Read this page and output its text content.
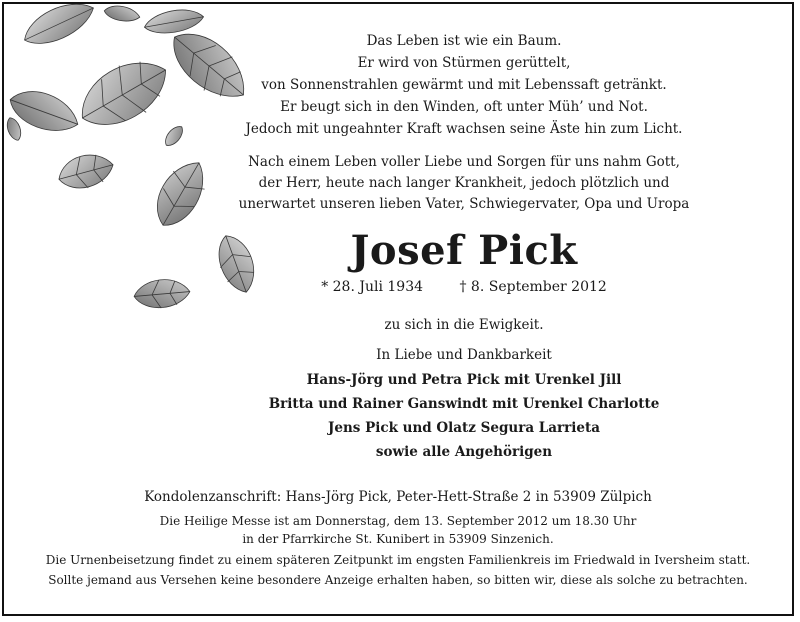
Das Leben ist wie ein Baum.
Er wird von Stürmen gerüttelt,
von Sonnenstrahlen gewärmt und mit Lebenssaft getränkt.
Er beugt sich in den Winden, oft unter Müh’ und Not.
Jedoch mit ungeahnter Kraft wachsen seine Äste hin zum Licht.
Nach einem Leben voller Liebe und Sorgen für uns nahm Gott,
der Herr, heute nach langer Krankheit, jedoch plötzlich und
unerwartet unseren lieben Vater, Schwiegervater, Opa und Uropa
Josef Pick
* 28. Juli 1934	† 8. September 2012
zu sich in die Ewigkeit.
In Liebe und Dankbarkeit
Hans-Jörg und Petra Pick mit Urenkel Jill
Britta und Rainer Ganswindt mit Urenkel Charlotte
Jens Pick und Olatz Segura Larrieta
sowie alle Angehörigen
Kondolenzanschrift: Hans-Jörg Pick, Peter-Hett-Straße 2 in 53909 Zülpich
Die Heilige Messe ist am Donnerstag, dem 13. September 2012 um 18.30 Uhr
in der Pfarrkirche St. Kunibert in 53909 Sinzenich.
Die Urnenbeisetzung findet zu einem späteren Zeitpunkt im engsten Familienkreis im Friedwald in Iversheim statt.
Sollte jemand aus Versehen keine besondere Anzeige erhalten haben, so bitten wir, diese als solche zu betrachten.
